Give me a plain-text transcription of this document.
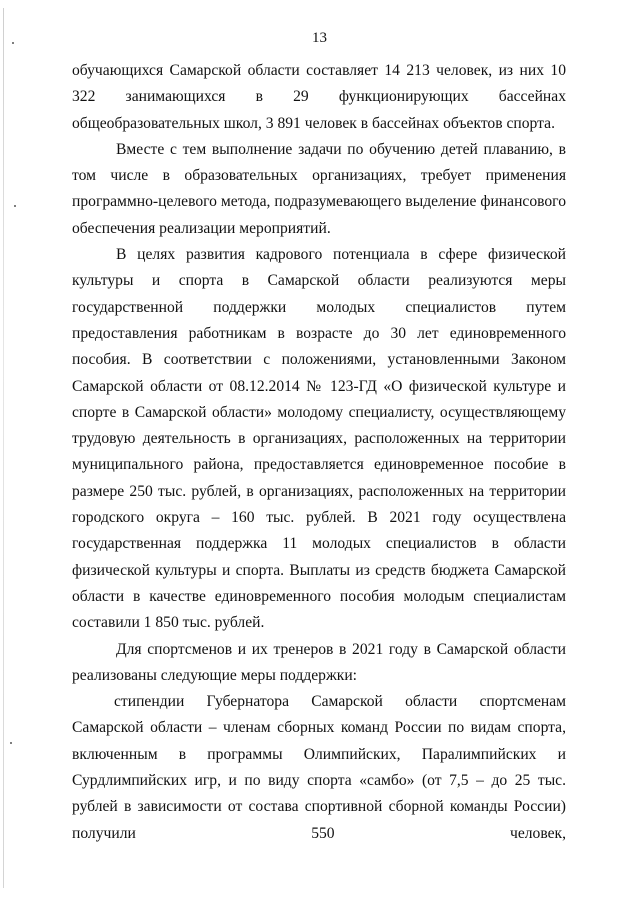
13

обучающихся Самарской области составляет 14 213 человек, из них 10 322 занимающихся в 29 функционирующих бассейнах общеобразовательных школ, 3 891 человек в бассейнах объектов спорта.

Вместе с тем выполнение задачи по обучению детей плаванию, в том числе в образовательных организациях, требует применения программно-целевого метода, подразумевающего выделение финансового обеспечения реализации мероприятий.

В целях развития кадрового потенциала в сфере физической культуры и спорта в Самарской области реализуются меры государственной поддержки молодых специалистов путем предоставления работникам в возрасте до 30 лет единовременного пособия. В соответствии с положениями, установленными Законом Самарской области от 08.12.2014 № 123-ГД «О физической культуре и спорте в Самарской области» молодому специалисту, осуществляющему трудовую деятельность в организациях, расположенных на территории муниципального района, предоставляется единовременное пособие в размере 250 тыс. рублей, в организациях, расположенных на территории городского округа – 160 тыс. рублей. В 2021 году осуществлена государственная поддержка 11 молодых специалистов в области физической культуры и спорта. Выплаты из средств бюджета Самарской области в качестве единовременного пособия молодым специалистам составили 1 850 тыс. рублей.

Для спортсменов и их тренеров в 2021 году в Самарской области реализованы следующие меры поддержки:

стипендии Губернатора Самарской области спортсменам Самарской области – членам сборных команд России по видам спорта, включенным в программы Олимпийских, Паралимпийских и Сурдлимпийских игр, и по виду спорта «самбо» (от 7,5 – до 25 тыс. рублей в зависимости от состава спортивной сборной команды России) получили 550 человек,
